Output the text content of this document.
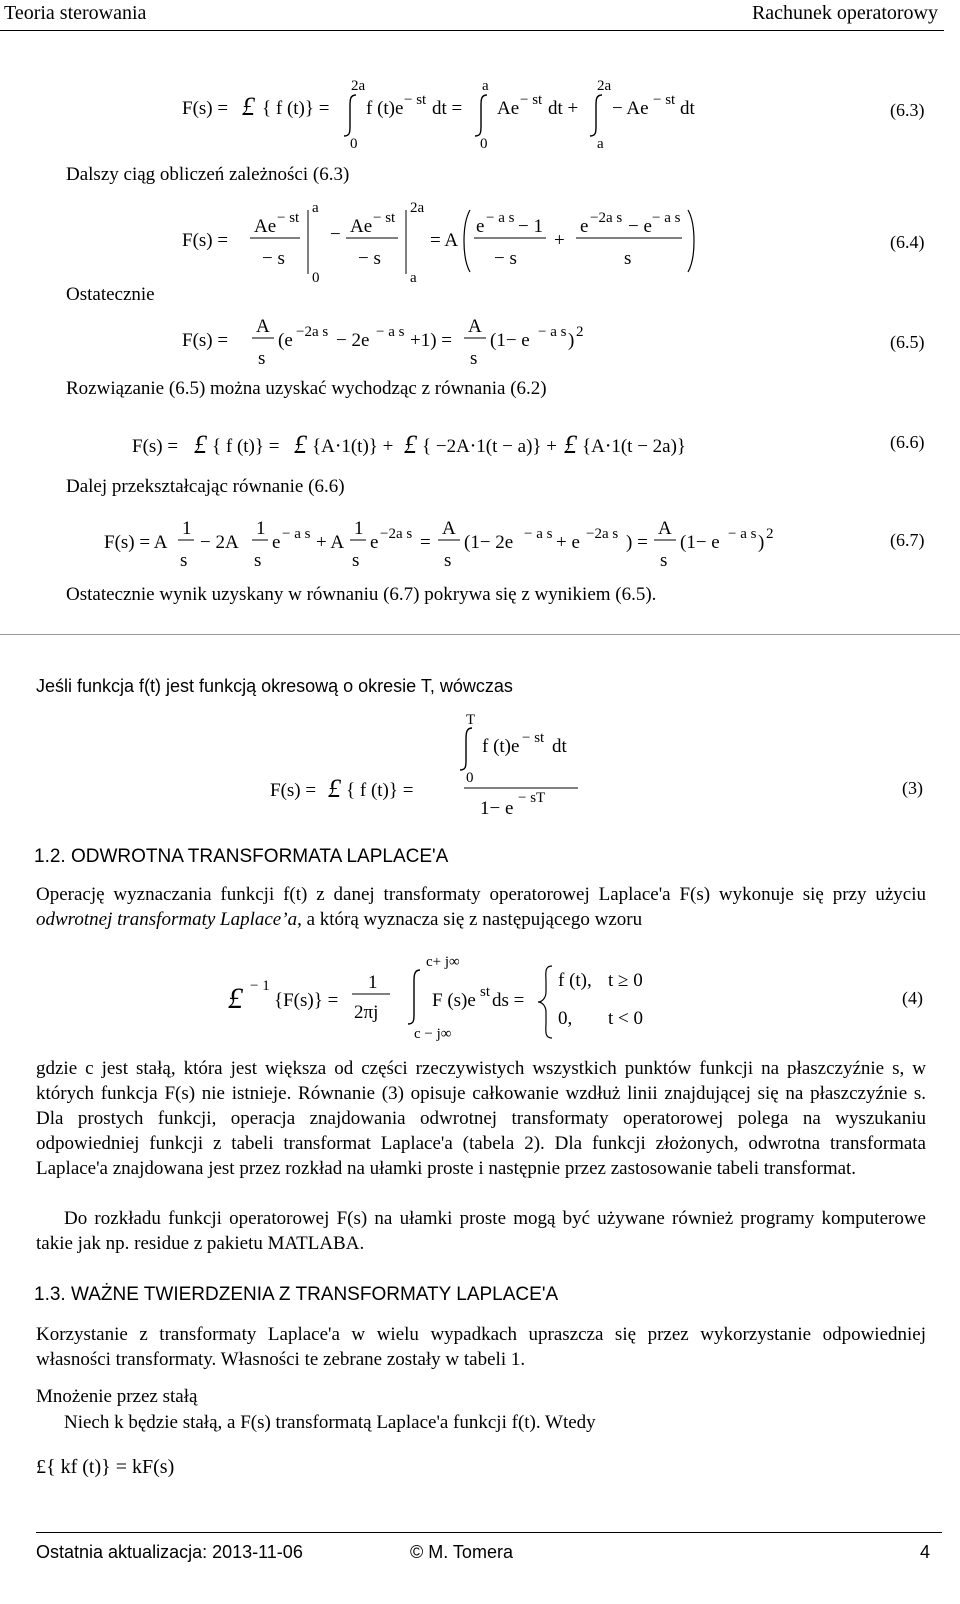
Teoria sterowania	Rachunek operatorowy
F(s) = £ { f (t)} =
2a
0
f (t)e − st dt =
a
0
Ae − st dt +
2a
a
− Ae − st dt	(6.3)
Dalszy ciąg obliczeń zależności (6.3)
F(s) =
Ae − st
− s
a
0
− Ae − st
− s
2a
a
= A
e − a s − 1
− s
+
e −2a s − e − a s
s
(6.4)
Ostatecznie
F(s) =
A
s
(e −2a s − 2e − a s +1) =
A
s
(1− e − a s ) 2	(6.5)
Rozwiązanie (6.5) można uzyskać wychodząc z równania (6.2)
F(s) = £ { f (t)} = £ {A⋅1(t)} + £ { −2A⋅1(t − a)} + £ {A⋅1(t − 2a)}	(6.6)
Dalej przekształcając równanie (6.6)
F(s) = A
1
s
− 2A
1
s
e − a s + A
1
s
e −2a s =
A
s
(1− 2e − a s + e −2a s ) =
A
s
(1− e − a s ) 2	(6.7)
Ostatecznie wynik uzyskany w równaniu (6.7) pokrywa się z wynikiem (6.5).
Jeśli funkcja f(t) jest funkcją okresową o okresie T, wówczas
F(s) = £ { f (t)} =
T
0
f (t)e − st dt
1− e − sT	(3)
1.2. ODWROTNA TRANSFORMATA LAPLACE'A
Operację wyznaczania funkcji f(t) z danej transformaty operatorowej Laplace'a F(s) wykonuje się przy użyciu odwrotnej transformaty Laplace’a, a którą wyznacza się z następującego wzoru
£ − 1
{F(s)} =
1
2πj
c+ j∞
c − j∞
F (s)e st ds =
f (t), t ≥ 0
0, t < 0
(4)
gdzie c jest stałą, która jest większa od części rzeczywistych wszystkich punktów funkcji na płaszczyźnie s, w których funkcja F(s) nie istnieje. Równanie (3) opisuje całkowanie wzdłuż linii znajdującej się na płaszczyźnie s. Dla prostych funkcji, operacja znajdowania odwrotnej transformaty operatorowej polega na wyszukaniu odpowiedniej funkcji z tabeli transformat Laplace'a (tabela 2). Dla funkcji złożonych, odwrotna transformata Laplace'a znajdowana jest przez rozkład na ułamki proste i następnie przez zastosowanie tabeli transformat.
Do rozkładu funkcji operatorowej F(s) na ułamki proste mogą być używane również programy komputerowe takie jak np. residue z pakietu MATLABA.
1.3. WAŻNE TWIERDZENIA Z TRANSFORMATY LAPLACE'A
Korzystanie z transformaty Laplace'a w wielu wypadkach upraszcza się przez wykorzystanie odpowiedniej własności transformaty. Własności te zebrane zostały w tabeli 1.
Mnożenie przez stałą
Niech k będzie stałą, a F(s) transformatą Laplace'a funkcji f(t). Wtedy
£{ kf (t)} = kF(s)
Ostatnia aktualizacja: 2013-11-06	© M. Tomera	4
